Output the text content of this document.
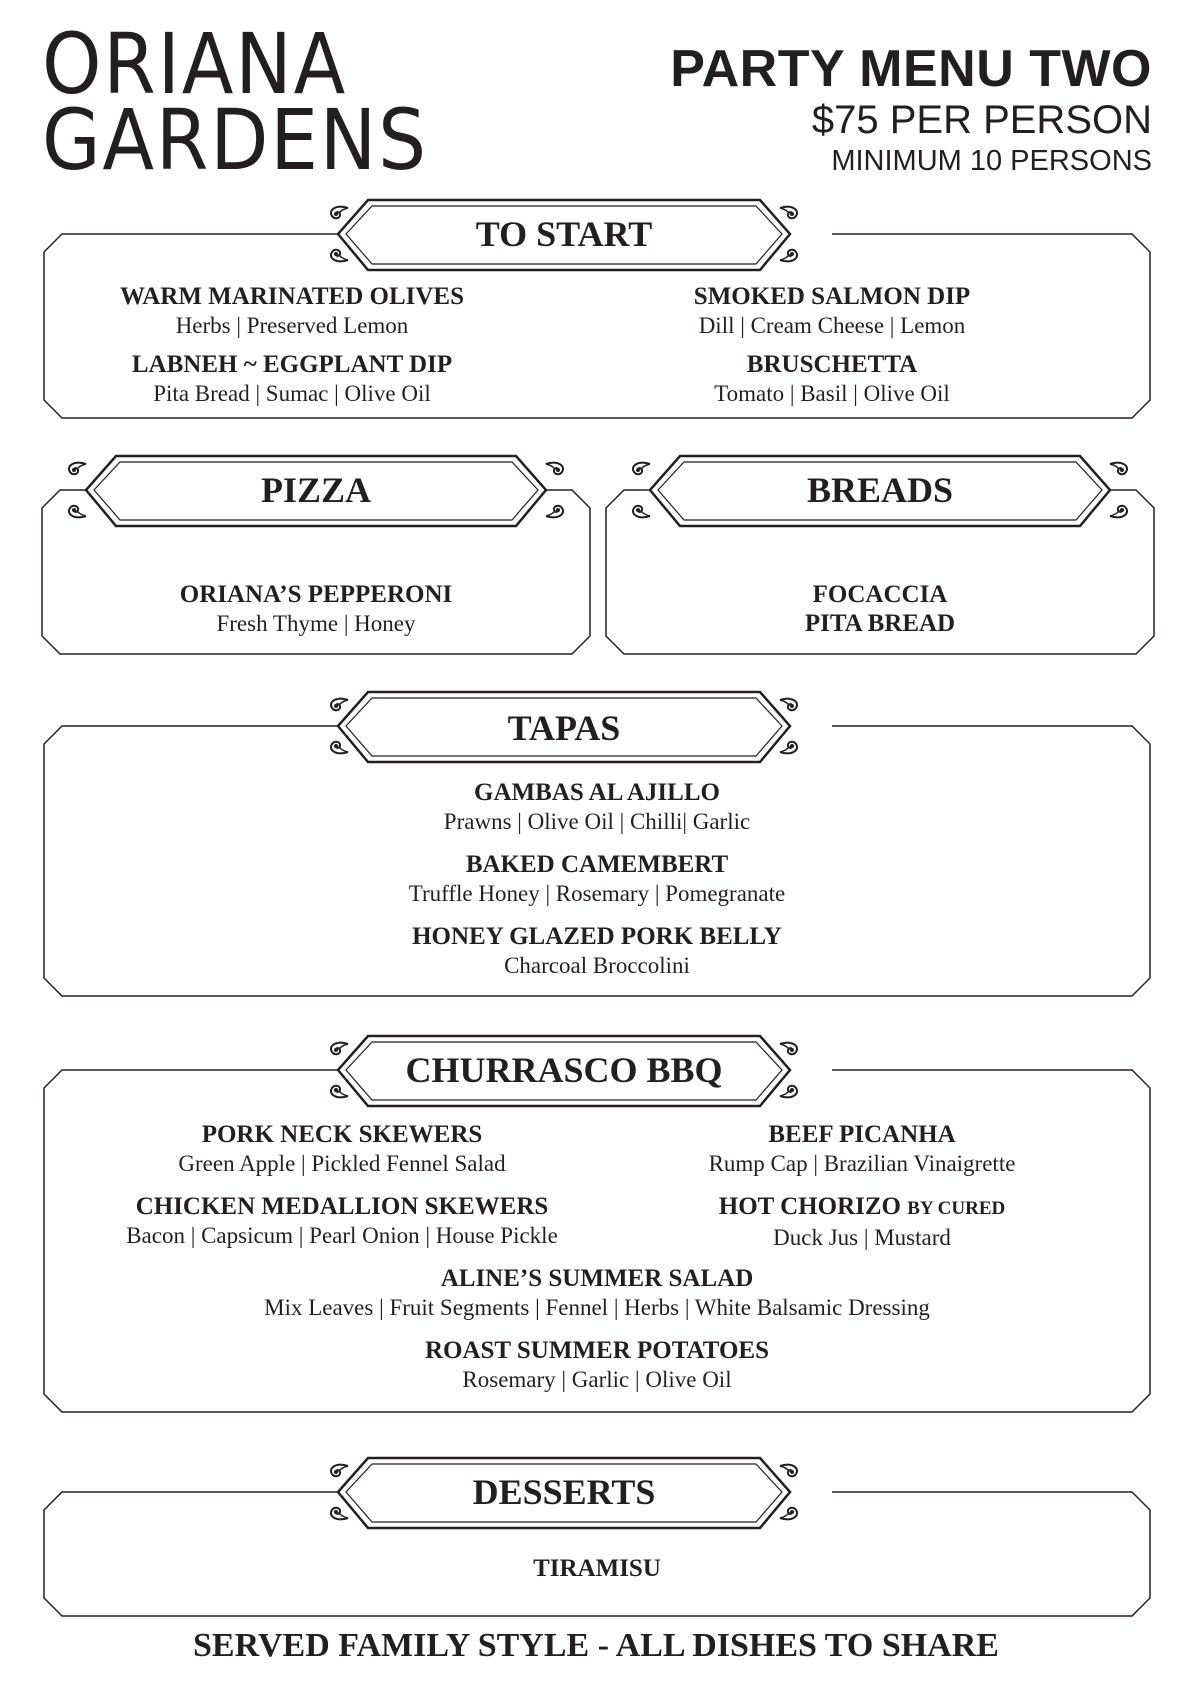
ORIANA
GARDENS
PARTY MENU TWO
$75 PER PERSON
MINIMUM 10 PERSONS
TO START
WARM MARINATED OLIVES
Herbs | Preserved Lemon
SMOKED SALMON DIP
Dill | Cream Cheese | Lemon
LABNEH ~ EGGPLANT DIP
Pita Bread | Sumac | Olive Oil
BRUSCHETTA
Tomato | Basil | Olive Oil
PIZZA
ORIANA’S PEPPERONI
Fresh Thyme | Honey
BREADS
FOCACCIA
PITA BREAD
TAPAS
GAMBAS AL AJILLO
Prawns | Olive Oil | Chilli| Garlic
BAKED CAMEMBERT
Truffle Honey | Rosemary | Pomegranate
HONEY GLAZED PORK BELLY
Charcoal Broccolini
CHURRASCO BBQ
PORK NECK SKEWERS
Green Apple | Pickled Fennel Salad
BEEF PICANHA
Rump Cap | Brazilian Vinaigrette
CHICKEN MEDALLION SKEWERS
Bacon | Capsicum | Pearl Onion | House Pickle
HOT CHORIZO BY CURED
Duck Jus | Mustard
ALINE’S SUMMER SALAD
Mix Leaves | Fruit Segments | Fennel | Herbs | White Balsamic Dressing
ROAST SUMMER POTATOES
Rosemary | Garlic | Olive Oil
DESSERTS
TIRAMISU
SERVED FAMILY STYLE - ALL DISHES TO SHARE
